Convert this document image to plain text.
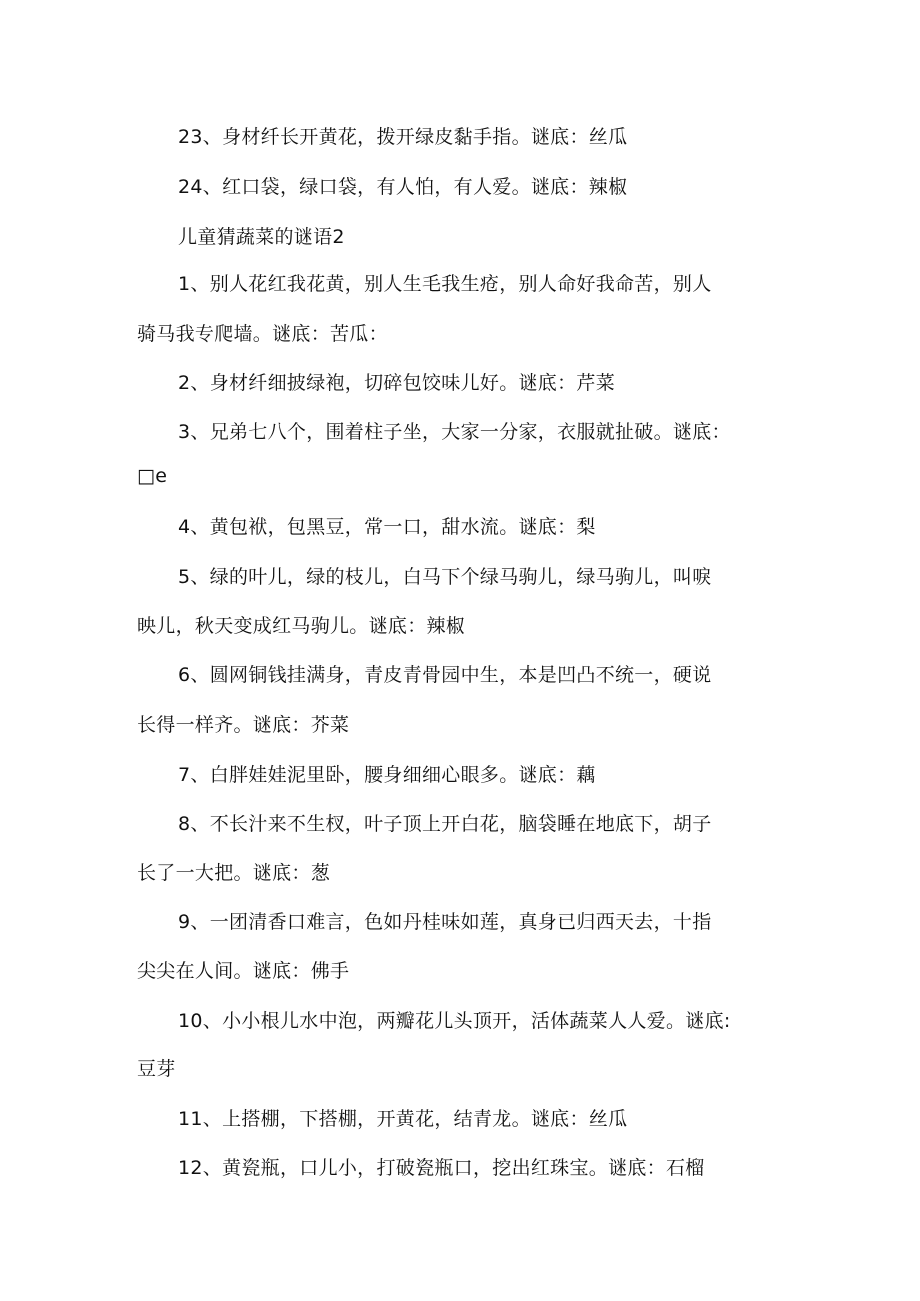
23、身材纤长开黄花，拨开绿皮黏手指。谜底：丝瓜
24、红口袋，绿口袋，有人怕，有人爱。谜底：辣椒
儿童猜蔬菜的谜语2
1、别人花红我花黄，别人生毛我生疮，别人命好我命苦，别人
骑马我专爬墙。谜底：苦瓜：
2、身材纤细披绿袍，切碎包饺味儿好。谜底：芹菜
3、兄弟七八个，围着柱子坐，大家一分家，衣服就扯破。谜底：
□e
4、黄包袱，包黑豆，常一口，甜水流。谜底：梨
5、绿的叶儿，绿的枝儿，白马下个绿马驹儿，绿马驹儿，叫唳
映儿，秋天变成红马驹儿。谜底：辣椒
6、圆网铜钱挂满身，青皮青骨园中生，本是凹凸不统一，硬说
长得一样齐。谜底：芥菜
7、白胖娃娃泥里卧，腰身细细心眼多。谜底：藕
8、不长汁来不生杈，叶子顶上开白花，脑袋睡在地底下，胡子
长了一大把。谜底：葱
9、一团清香口难言，色如丹桂味如莲，真身已归西天去，十指
尖尖在人间。谜底：佛手
10、小小根儿水中泡，两瓣花儿头顶开，活体蔬菜人人爱。谜底:
豆芽
11、上搭棚，下搭棚，开黄花，结青龙。谜底：丝瓜
12、黄瓷瓶，口儿小，打破瓷瓶口，挖出红珠宝。谜底：石榴
